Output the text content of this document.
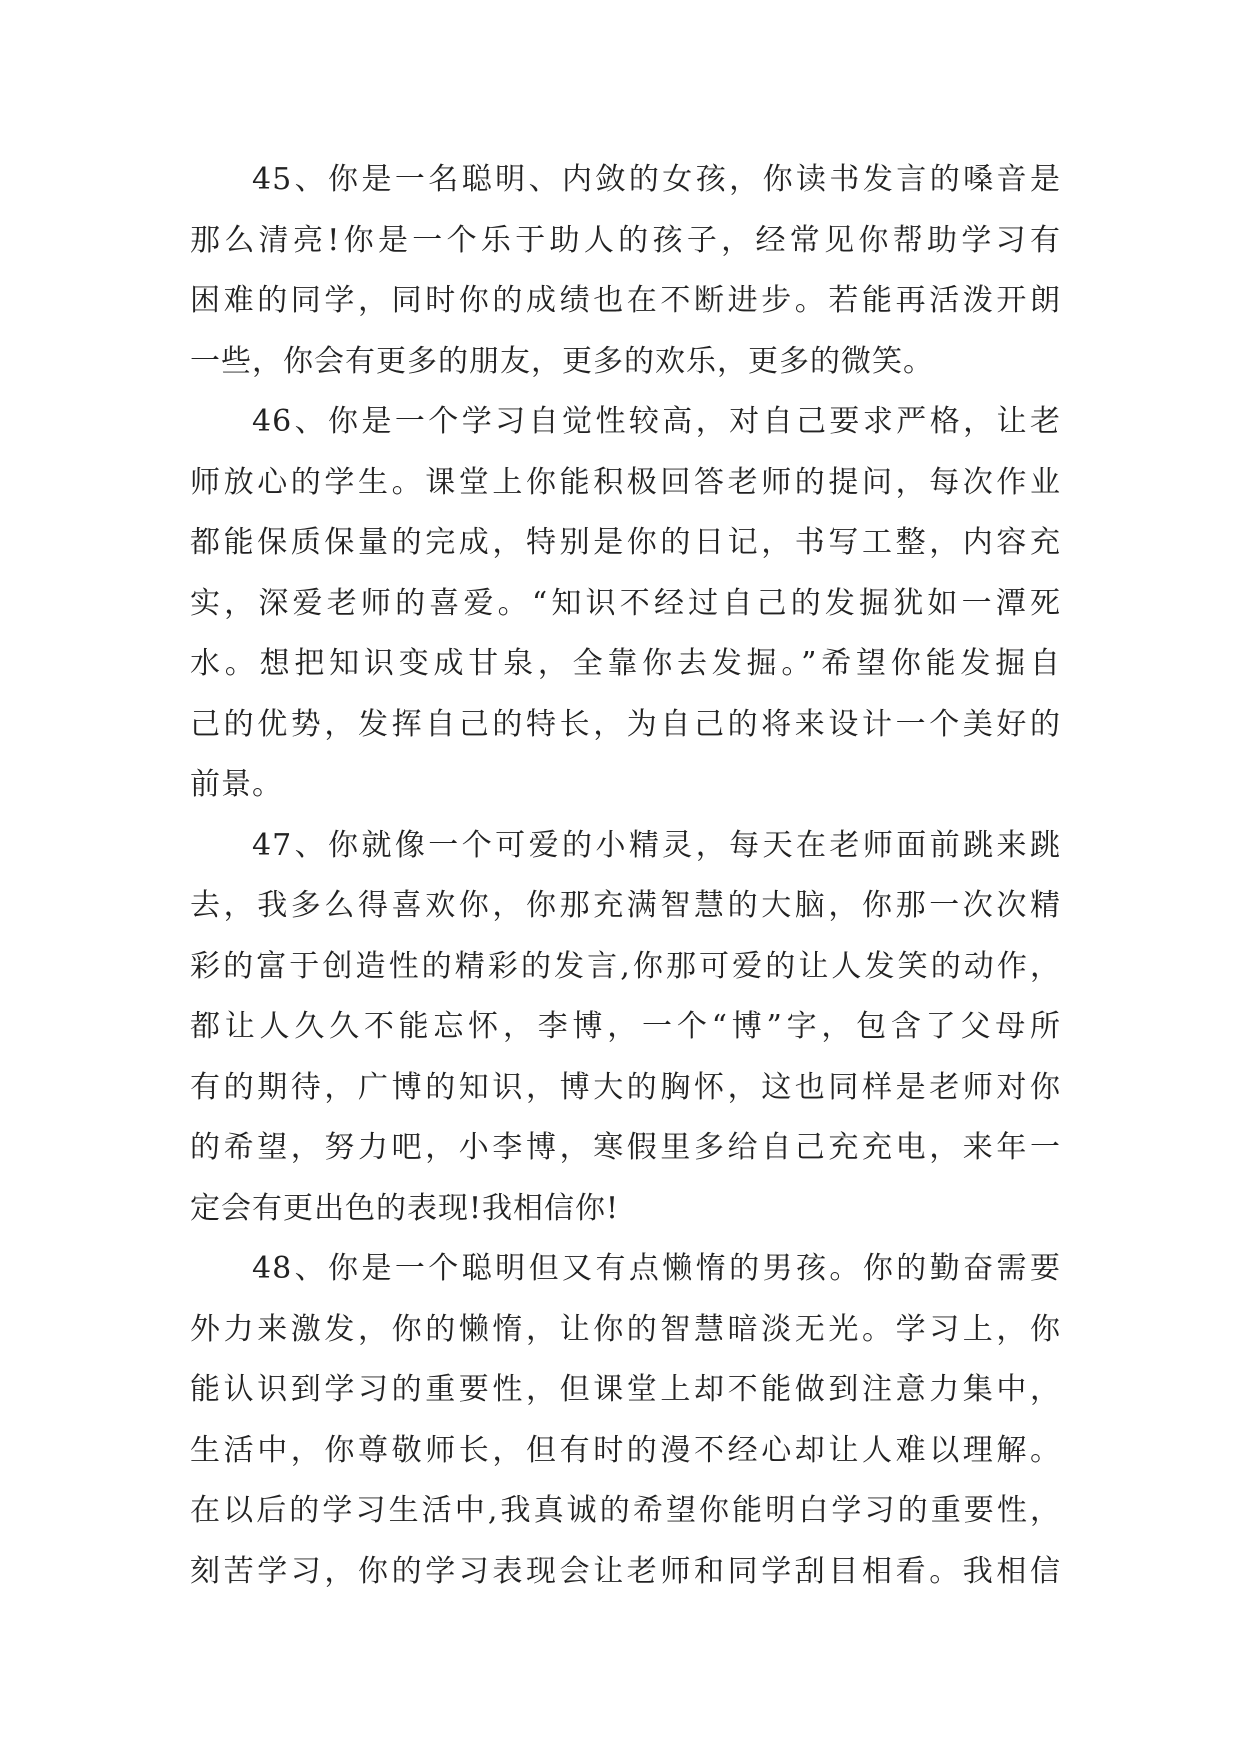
45、你是一名聪明、内敛的女孩，你读书发言的嗓音是
那么清亮!你是一个乐于助人的孩子，经常见你帮助学习有
困难的同学，同时你的成绩也在不断进步。若能再活泼开朗
一些，你会有更多的朋友，更多的欢乐，更多的微笑。
46、你是一个学习自觉性较高，对自己要求严格，让老
师放心的学生。课堂上你能积极回答老师的提问，每次作业
都能保质保量的完成，特别是你的日记，书写工整，内容充
实，深爱老师的喜爱。“知识不经过自己的发掘犹如一潭死
水。想把知识变成甘泉，全靠你去发掘。”希望你能发掘自
己的优势，发挥自己的特长，为自己的将来设计一个美好的
前景。
47、你就像一个可爱的小精灵，每天在老师面前跳来跳
去，我多么得喜欢你，你那充满智慧的大脑，你那一次次精
彩的富于创造性的精彩的发言,你那可爱的让人发笑的动作，
都让人久久不能忘怀，李博，一个“博”字，包含了父母所
有的期待，广博的知识，博大的胸怀，这也同样是老师对你
的希望，努力吧，小李博，寒假里多给自己充充电，来年一
定会有更出色的表现!我相信你!
48、你是一个聪明但又有点懒惰的男孩。你的勤奋需要
外力来激发，你的懒惰，让你的智慧暗淡无光。学习上，你
能认识到学习的重要性，但课堂上却不能做到注意力集中，
生活中，你尊敬师长，但有时的漫不经心却让人难以理解。
在以后的学习生活中,我真诚的希望你能明白学习的重要性，
刻苦学习，你的学习表现会让老师和同学刮目相看。我相信
